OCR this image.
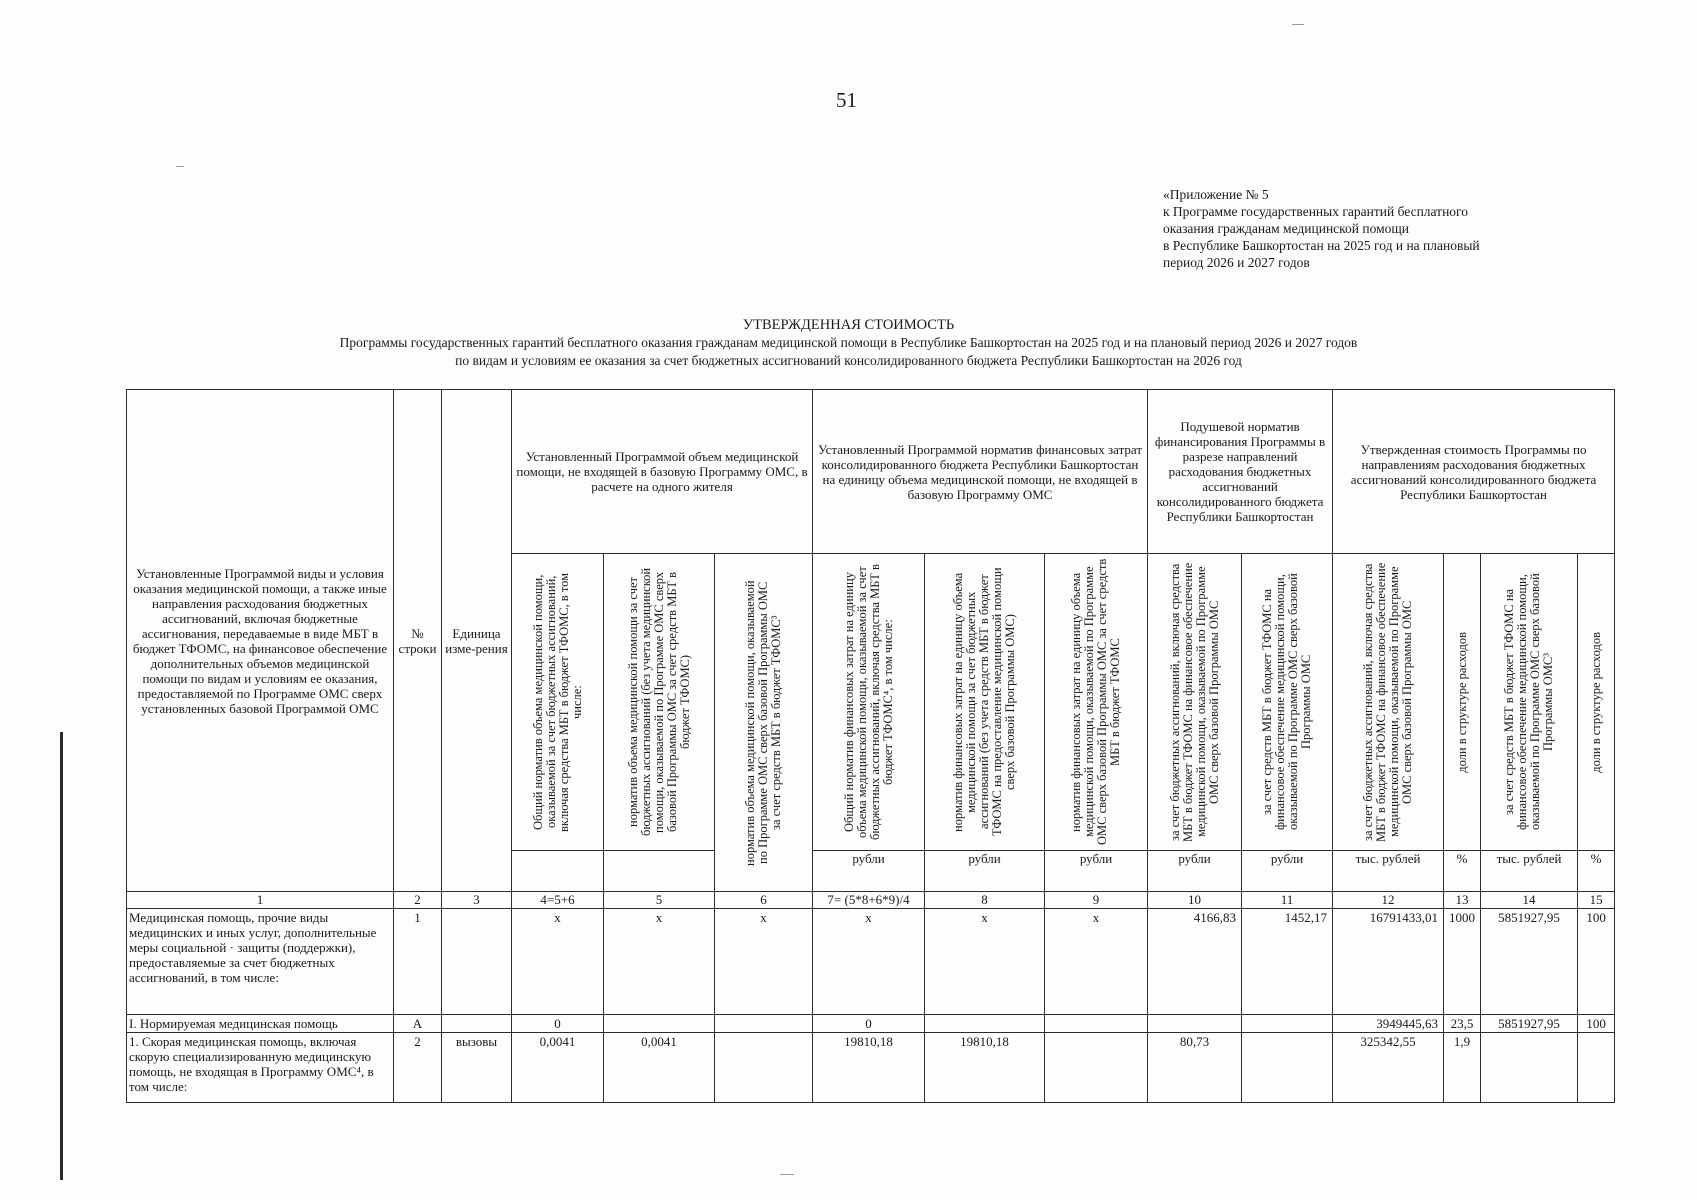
51
«Приложение № 5
к Программе государственных гарантий бесплатного
оказания гражданам медицинской помощи
в Республике Башкортостан на 2025 год и на плановый
период 2026 и 2027 годов
УТВЕРЖДЕННАЯ СТОИМОСТЬ
Программы государственных гарантий бесплатного оказания гражданам медицинской помощи в Республике Башкортостан на 2025 год и на плановый период 2026 и 2027 годов
по видам и условиям ее оказания за счет бюджетных ассигнований консолидированного бюджета Республики Башкортостан на 2026 год
Установленные Программой виды и условия оказания медицинской помощи, а также иные направления расходования бюджетных ассигнований, включая бюджетные ассигнования, передаваемые в виде МБТ в бюджет ТФОМС, на финансовое обеспечение дополнительных объемов медицинской помощи по видам и условиям ее оказания, предоставляемой по Программе ОМС сверх установленных базовой Программой ОМС	№ строки	Единица изме-рения	Установленный Программой объем медицинской помощи, не входящей в базовую Программу ОМС, в расчете на одного жителя			Установленный Программой норматив финансовых затрат консолидированного бюджета Республики Башкортостан на единицу объема медицинской помощи, не входящей в базовую Программу ОМС			Подушевой норматив финансирования Программы в разрезе направлений расходования бюджетных ассигнований консолидированного бюджета Республики Башкортостан		Утвержденная стоимость Программы по направлениям расходования бюджетных ассигнований консолидированного бюджета Республики Башкортостан			

			Общий норматив объема медицинской помощи, оказываемой за счет бюджетных ассигнований, включая средства МБТ в бюджет ТФОМС, в том числе:	норматив объема медицинской помощи за счет бюджетных ассигнований (без учета медицинской помощи, оказываемой по Программе ОМС сверх базовой Программы ОМС за счет средств МБТ в бюджет ТФОМС)	норматив объема медицинской помощи, оказываемой по Программе ОМС сверх базовой Программы ОМС за счет средств МБТ в бюджет ТФОМС³	Общий норматив финансовых затрат на единицу объема медицинской помощи, оказываемой за счет бюджетных ассигнований, включая средства МБТ в бюджет ТФОМС⁴, в том числе:	норматив финансовых затрат на единицу объема медицинской помощи за счет бюджетных ассигнований (без учета средств МБТ в бюджет ТФОМС на предоставление медицинской помощи сверх базовой Программы ОМС)	норматив финансовых затрат на единицу объема медицинской помощи, оказываемой по Программе ОМС сверх базовой Программы ОМС за счет средств МБТ в бюджет ТФОМС	за счет бюджетных ассигнований, включая средства МБТ в бюджет ТФОМС на финансовое обеспечение медицинской помощи, оказываемой по Программе ОМС сверх базовой Программы ОМС	за счет средств МБТ в бюджет ТФОМС на финансовое обеспечение медицинской помощи, оказываемой по Программе ОМС сверх базовой Программы ОМС	за счет бюджетных ассигнований, включая средства МБТ в бюджет ТФОМС на финансовое обеспечение медицинской помощи, оказываемой по Программе ОМС сверх базовой Программы ОМС	доли в структуре расходов	за счет средств МБТ в бюджет ТФОМС на финансовое обеспечение медицинской помощи, оказываемой по Программе ОМС сверх базовой Программы ОМС³	доли в структуре расходов

						рубли	рубли	рубли	рубли	рубли	тыс. рублей	%	тыс. рублей	%
1	2	3	4=5+6	5	6	7= (5*8+6*9)/4	8	9	10	11	12	13	14	15
Медицинская помощь, прочие виды медицинских и иных услуг, дополнительные меры социальной · защиты (поддержки), предоставляемые за счет бюджетных ассигнований, в том числе:	1		х	х	х	х	х	х	4166,83	1452,17	16791433,01	1000	5851927,95	100
I. Нормируемая медицинская помощь	А		0			0					3949445,63	23,5	5851927,95	100
1. Скорая медицинская помощь, включая скорую специализированную медицинскую помощь, не входящая в Программу ОМС⁴, в том числе:	2	вызовы	0,0041	0,0041		19810,18	19810,18		80,73		325342,55	1,9		
